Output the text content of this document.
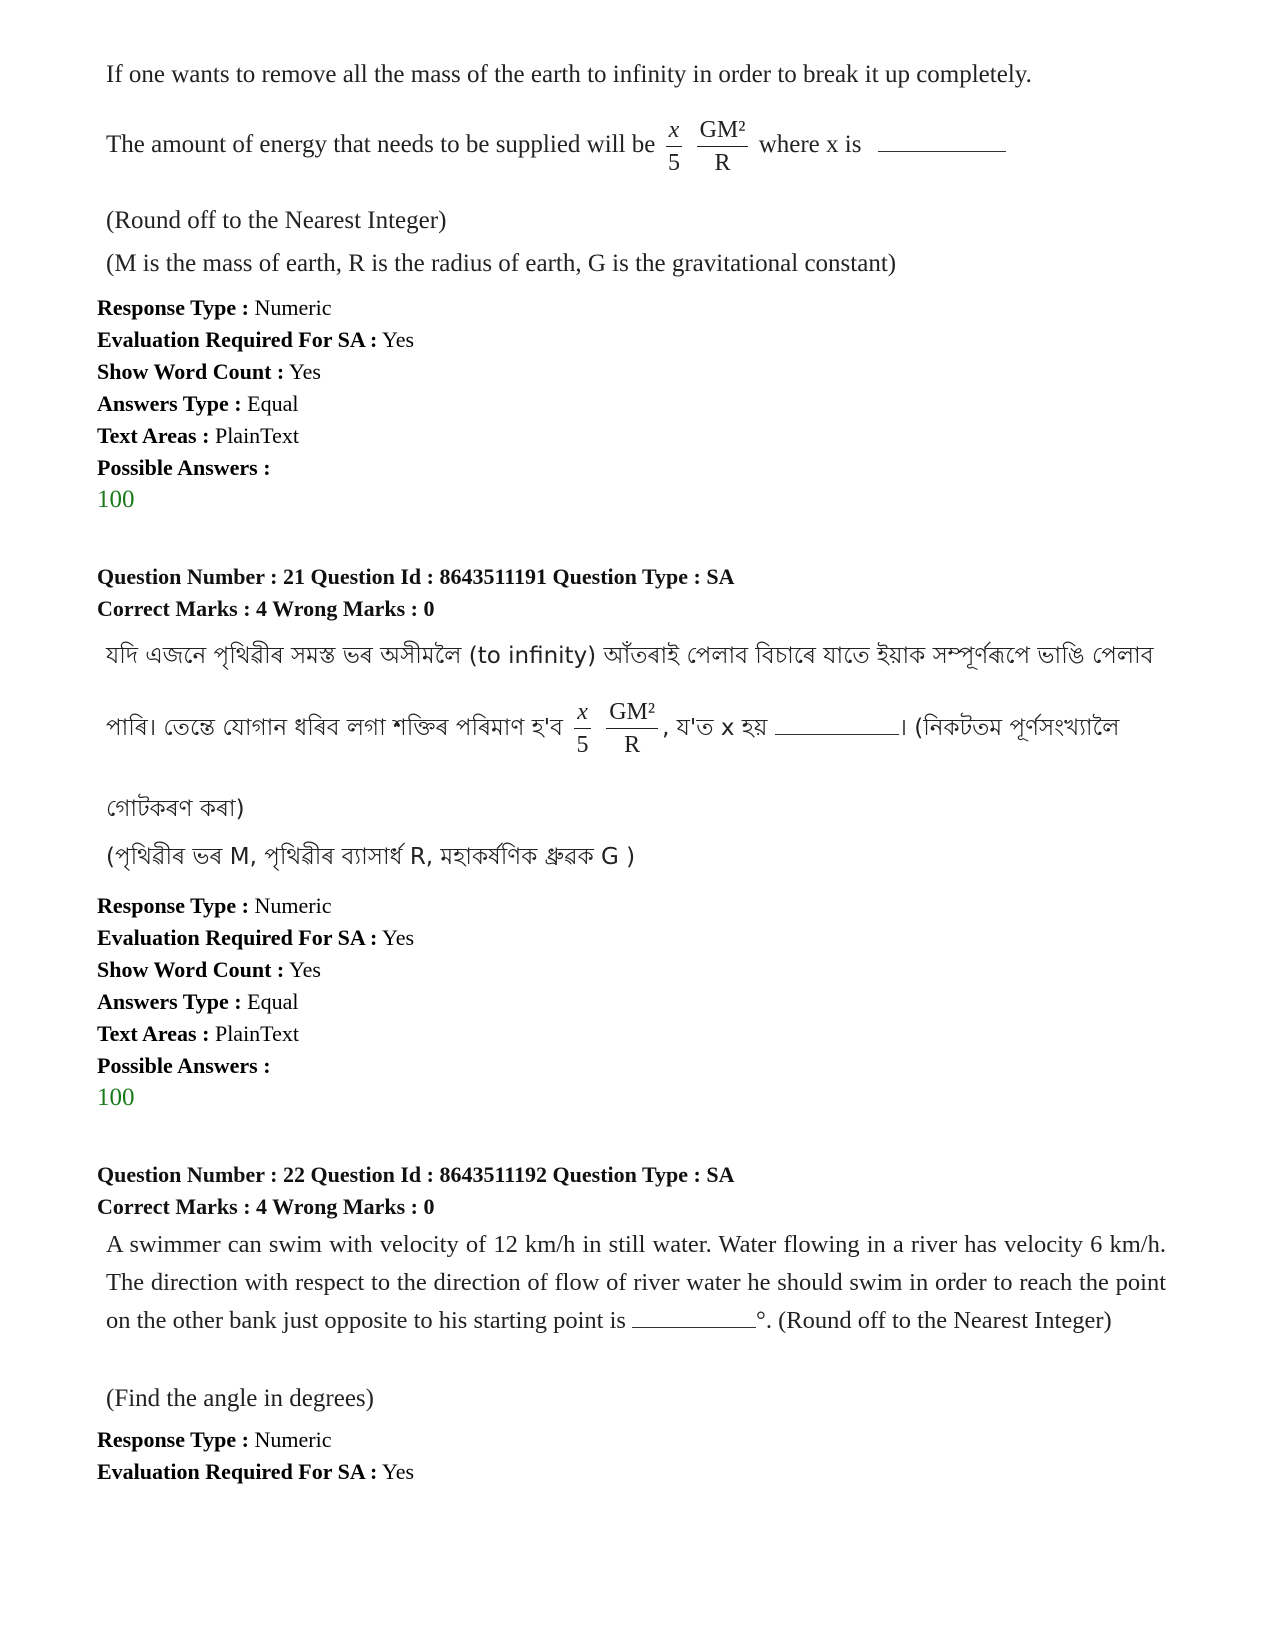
If one wants to remove all the mass of the earth to infinity in order to break it up completely.
The amount of energy that needs to be supplied will be $\frac{x}{5}$
$\frac{\text{GM²}}{R}$ where x is
(Round off to the Nearest Integer)
(M is the mass of earth, R is the radius of earth, G is the gravitational constant)
Response Type : Numeric
Evaluation Required For SA : Yes
Show Word Count : Yes
Answers Type : Equal
Text Areas : PlainText
Possible Answers :
100
Question Number : 21 Question Id : 8643511191 Question Type : SA
Correct Marks : 4 Wrong Marks : 0
যদি এজনে পৃথিৱীৰ সমস্ত ভৰ অসীমলৈ (to infinity) আঁতৰাই পেলাব বিচাৰে যাতে ইয়াক সম্পূৰ্ণৰূপে ভাঙি পেলাব
পাৰি। তেন্তে যোগান ধৰিব লগা শক্তিৰ পৰিমাণ হ'ব $\frac{x}{5}$
$\frac{\text{GM²}}{R}$ , য'ত x হয়	। (নিকটতম পূৰ্ণসংখ্যালৈ
গোটকৰণ কৰা)
(পৃথিৱীৰ ভৰ M, পৃথিৱীৰ ব্যাসাৰ্ধ R, মহাকৰ্ষণিক ধ্ৰুৱক G )
Response Type : Numeric
Evaluation Required For SA : Yes
Show Word Count : Yes
Answers Type : Equal
Text Areas : PlainText
Possible Answers :
100
Question Number : 22 Question Id : 8643511192 Question Type : SA
Correct Marks : 4 Wrong Marks : 0
A swimmer can swim with velocity of 12 km/h in still water. Water flowing in a river has velocity 6 km/h. The direction with respect to the direction of flow of river water he should swim in order to reach the point on the other bank just opposite to his starting point is	°. (Round off to the Nearest Integer)
(Find the angle in degrees)
Response Type : Numeric
Evaluation Required For SA : Yes
